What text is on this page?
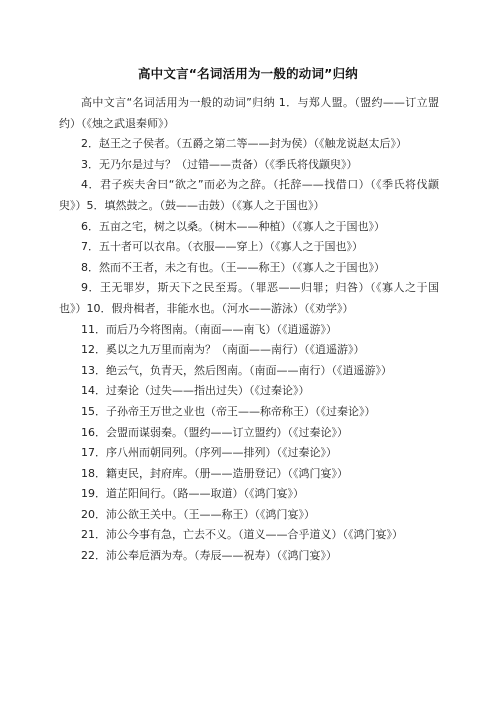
高中文言“名词活用为一般的动词”归纳

高中文言“名词活用为一般的动词”归纳 1．与郑人盟。（盟约——订立盟约）（《烛之武退秦师》）

2．赵王之子侯者。（五爵之第二等——封为侯）（《触龙说赵太后》）

3．无乃尔是过与？（过错——责备）（《季氏将伐颛臾》）

4．君子疾夫舍曰“欲之”而必为之辞。（托辞——找借口）（《季氏将伐颛臾》）5．填然鼓之。（鼓——击鼓）（《寡人之于国也》）

6．五亩之宅，树之以桑。（树木——种植）（《寡人之于国也》）

7．五十者可以衣帛。（衣服——穿上）（《寡人之于国也》）

8．然而不王者，未之有也。（王——称王）（《寡人之于国也》）

9．王无罪岁，斯天下之民至焉。（罪恶——归罪；归咎）（《寡人之于国也》）10．假舟楫者，非能水也。（河水——游泳）（《劝学》）

11．而后乃今将图南。（南面——南飞）（《逍遥游》）

12．奚以之九万里而南为？（南面——南行）（《逍遥游》）

13．绝云气，负青天，然后图南。（南面——南行）（《逍遥游》）

14．过秦论（过失——指出过失）（《过秦论》）

15．子孙帝王万世之业也（帝王——称帝称王）（《过秦论》）

16．会盟而谋弱秦。（盟约——订立盟约）（《过秦论》）

17．序八州而朝同列。（序列——排列）（《过秦论》）

18．籍吏民，封府库。（册——造册登记）（《鸿门宴》）

19．道芷阳间行。（路——取道）（《鸿门宴》）

20．沛公欲王关中。（王——称王）（《鸿门宴》）

21．沛公今事有急，亡去不义。（道义——合乎道义）（《鸿门宴》）

22．沛公奉卮酒为寿。（寿辰——祝寿）（《鸿门宴》）
